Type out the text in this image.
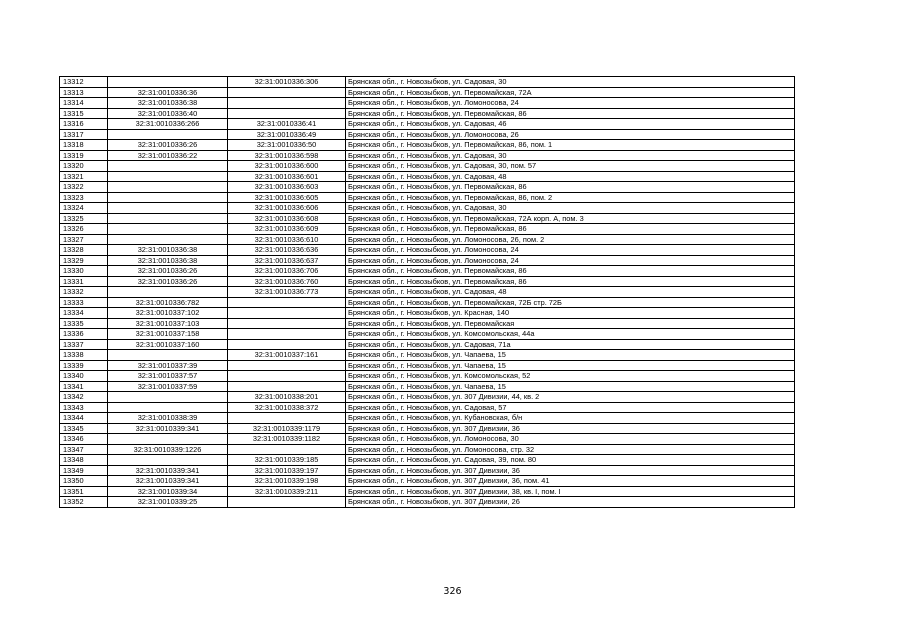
13312		32:31:0010336:306	Брянская обл., г. Новозыбков, ул. Садовая, 30
13313	32:31:0010336:36		Брянская обл., г. Новозыбков, ул. Первомайская, 72А
13314	32:31:0010336:38		Брянская обл., г. Новозыбков, ул. Ломоносова, 24
13315	32:31:0010336:40		Брянская обл., г. Новозыбков, ул. Первомайская, 86
13316	32:31:0010336:266	32:31:0010336:41	Брянская обл., г. Новозыбков, ул. Садовая, 46
13317		32:31:0010336:49	Брянская обл., г. Новозыбков, ул. Ломоносова, 26
13318	32:31:0010336:26	32:31:0010336:50	Брянская обл., г. Новозыбков, ул. Первомайская, 86, пом. 1
13319	32:31:0010336:22	32:31:0010336:598	Брянская обл., г. Новозыбков, ул. Садовая, 30
13320		32:31:0010336:600	Брянская обл., г. Новозыбков, ул. Садовая, 30, пом. 57
13321		32:31:0010336:601	Брянская обл., г. Новозыбков, ул. Садовая, 48
13322		32:31:0010336:603	Брянская обл., г. Новозыбков, ул. Первомайская, 86
13323		32:31:0010336:605	Брянская обл., г. Новозыбков, ул. Первомайская, 86, пом. 2
13324		32:31:0010336:606	Брянская обл., г. Новозыбков, ул. Садовая, 30
13325		32:31:0010336:608	Брянская обл., г. Новозыбков, ул. Первомайская, 72А корп. А, пом. 3
13326		32:31:0010336:609	Брянская обл., г. Новозыбков, ул. Первомайская, 86
13327		32:31:0010336:610	Брянская обл., г. Новозыбков, ул. Ломоносова, 26, пом. 2
13328	32:31:0010336:38	32:31:0010336:636	Брянская обл., г. Новозыбков, ул. Ломоносова, 24
13329	32:31:0010336:38	32:31:0010336:637	Брянская обл., г. Новозыбков, ул. Ломоносова, 24
13330	32:31:0010336:26	32:31:0010336:706	Брянская обл., г. Новозыбков, ул. Первомайская, 86
13331	32:31:0010336:26	32:31:0010336:760	Брянская обл., г. Новозыбков, ул. Первомайская, 86
13332		32:31:0010336:773	Брянская обл., г. Новозыбков, ул. Садовая, 48
13333	32:31:0010336:782		Брянская обл., г. Новозыбков, ул. Первомайская, 72Б стр. 72Б
13334	32:31:0010337:102		Брянская обл., г. Новозыбков, ул. Красная, 140
13335	32:31:0010337:103		Брянская обл., г. Новозыбков, ул. Первомайская
13336	32:31:0010337:158		Брянская обл., г. Новозыбков, ул. Комсомольская, 44а
13337	32:31:0010337:160		Брянская обл., г. Новозыбков, ул. Садовая, 71а
13338		32:31:0010337:161	Брянская обл., г. Новозыбков, ул. Чапаева, 15
13339	32:31:0010337:39		Брянская обл., г. Новозыбков, ул. Чапаева, 15
13340	32:31:0010337:57		Брянская обл., г. Новозыбков, ул. Комсомольская, 52
13341	32:31:0010337:59		Брянская обл., г. Новозыбков, ул. Чапаева, 15
13342		32:31:0010338:201	Брянская обл., г. Новозыбков, ул. 307 Дивизии, 44, кв. 2
13343		32:31:0010338:372	Брянская обл., г. Новозыбков, ул. Садовая, 57
13344	32:31:0010338:39		Брянская обл., г. Новозыбков, ул. Кубановская, б/н
13345	32:31:0010339:341	32:31:0010339:1179	Брянская обл., г. Новозыбков, ул. 307 Дивизии, 36
13346		32:31:0010339:1182	Брянская обл., г. Новозыбков, ул. Ломоносова, 30
13347	32:31:0010339:1226		Брянская обл., г. Новозыбков, ул. Ломоносова, стр. 32
13348		32:31:0010339:185	Брянская обл., г. Новозыбков, ул. Садовая, 39, пом. 80
13349	32:31:0010339:341	32:31:0010339:197	Брянская обл., г. Новозыбков, ул. 307 Дивизии, 36
13350	32:31:0010339:341	32:31:0010339:198	Брянская обл., г. Новозыбков, ул. 307 Дивизии, 36, пом. 41
13351	32:31:0010339:34	32:31:0010339:211	Брянская обл., г. Новозыбков, ул. 307 Дивизии, 38, кв. I, пом. I
13352	32:31:0010339:25		Брянская обл., г. Новозыбков, ул. 307 Дивизии, 26
326
